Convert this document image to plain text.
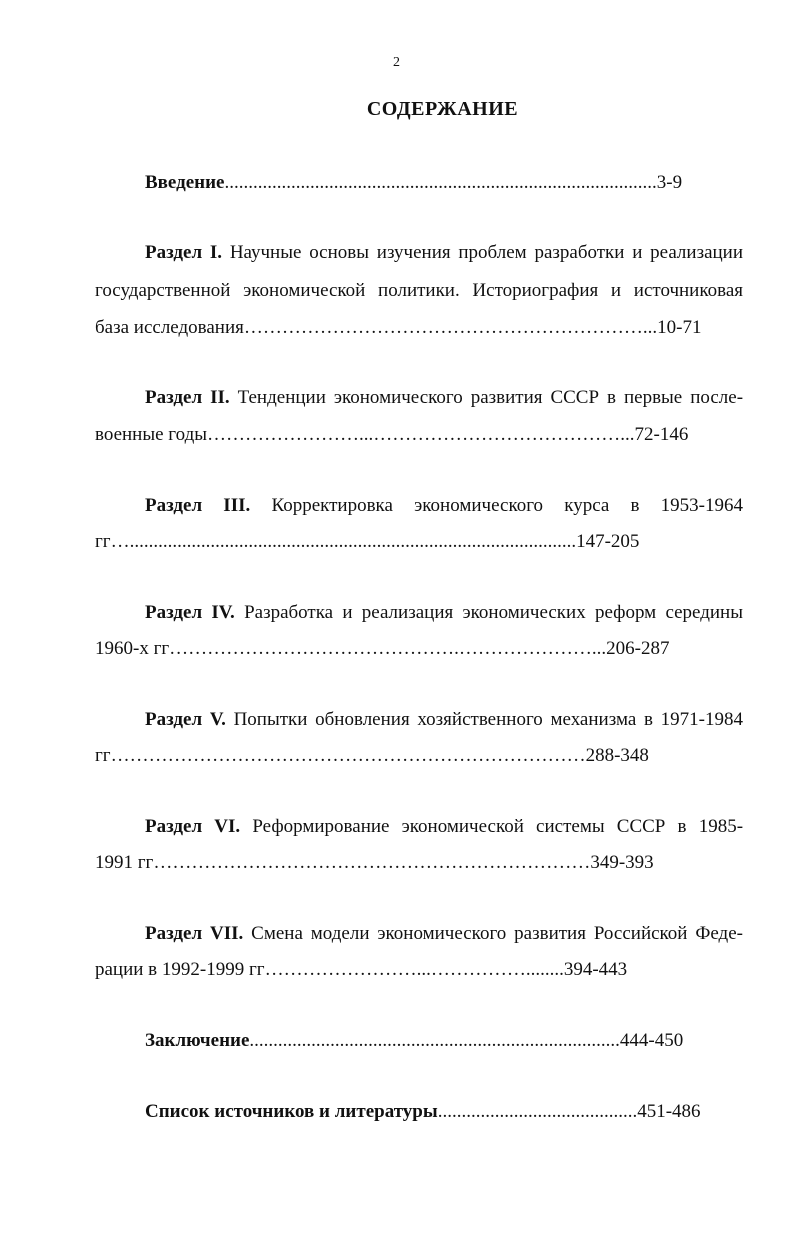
2
СОДЕРЖАНИЕ
Введение...........................................................................................3-9
Раздел I. Научные основы изучения проблем разработки и реализации
государственной экономической политики. Историография и источниковая
база исследования………………………………………………………...10-71
Раздел II. Тенденции экономического развития СССР в первые после-
военные годы……………………...…………………………………...72-146
Раздел III. Корректировка экономического курса в 1953-1964
гг…..............................................................................................147-205
Раздел IV. Разработка и реализация экономических реформ середины
1960-х гг……………………………………….…………………...206-287
Раздел V. Попытки обновления хозяйственного механизма в 1971-1984
гг…………………………………………………………………288-348
Раздел VI. Реформирование экономической системы СССР в 1985-
1991 гг……………………………………………………………349-393
Раздел VII. Смена модели экономического развития Российской Феде-
рации в 1992-1999 гг……………………...……………........394-443
Заключение..............................................................................444-450
Список источников и литературы..........................................451-486
